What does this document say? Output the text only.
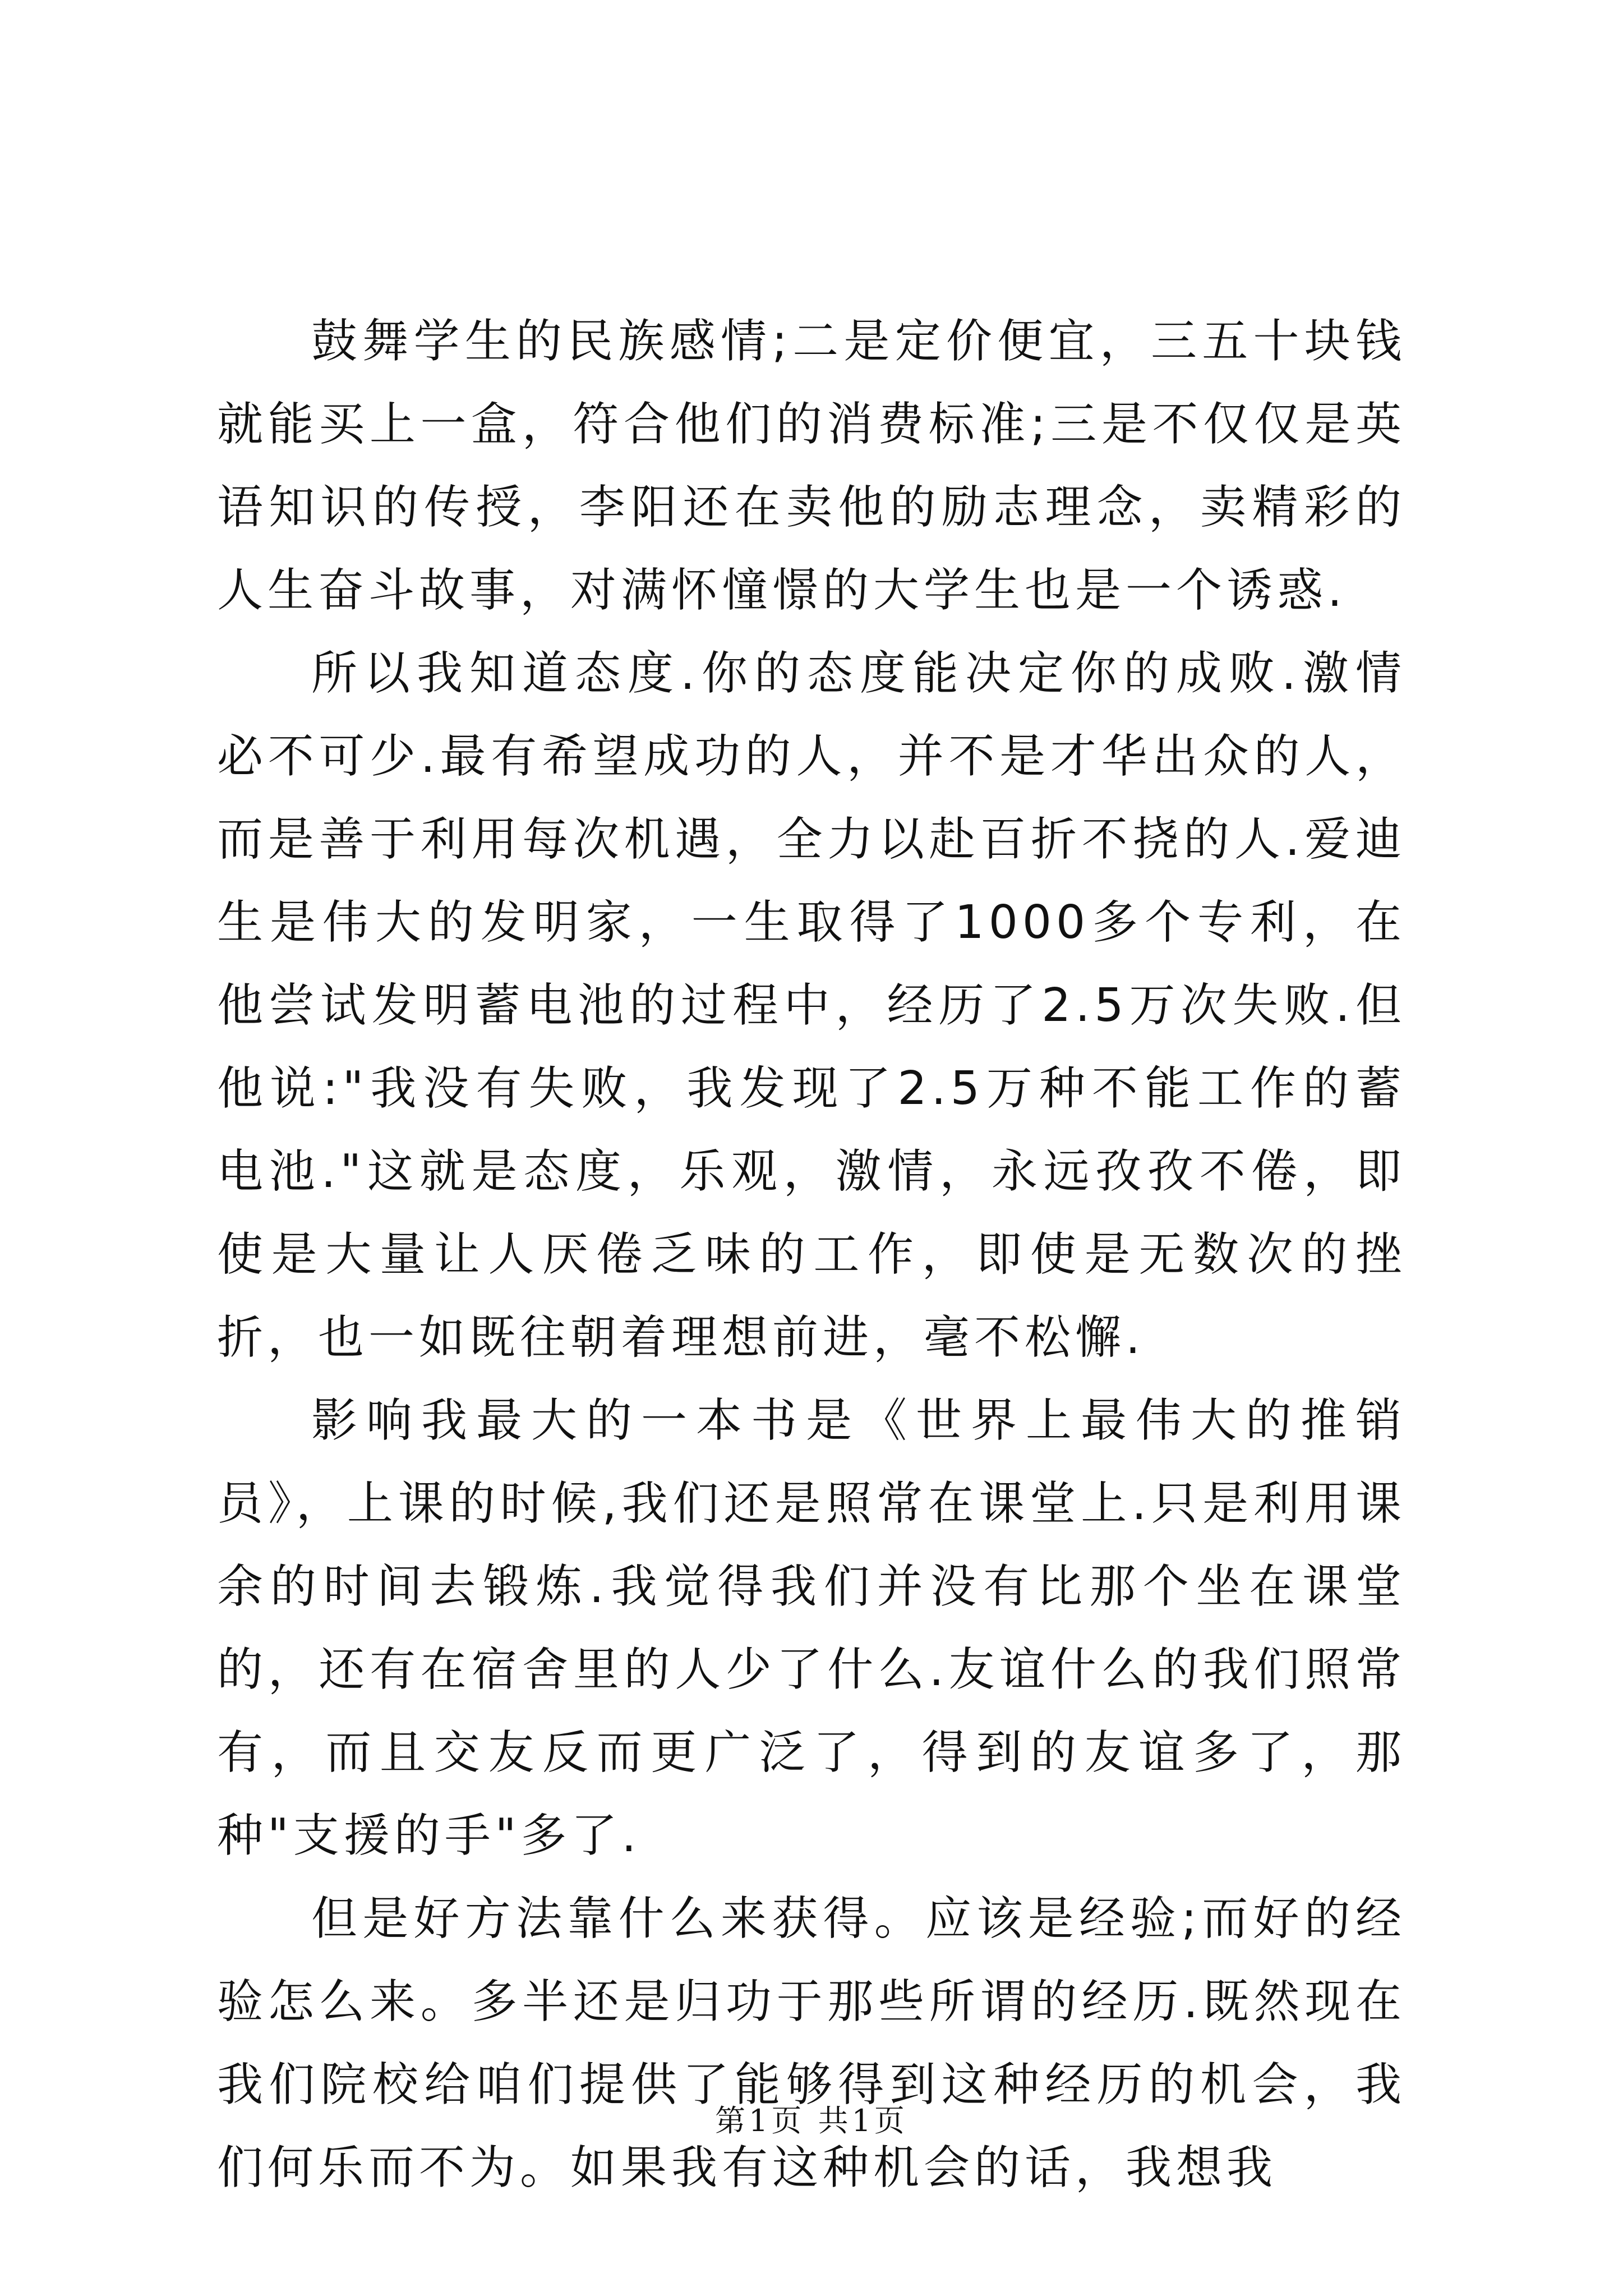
鼓舞学生的民族感情;二是定价便宜，三五十块钱就能买上一盒，符合他们的消费标准;三是不仅仅是英语知识的传授，李阳还在卖他的励志理念，卖精彩的人生奋斗故事，对满怀憧憬的大学生也是一个诱惑.

所以我知道态度.你的态度能决定你的成败.激情必不可少.最有希望成功的人，并不是才华出众的人，而是善于利用每次机遇，全力以赴百折不挠的人.爱迪生是伟大的发明家，一生取得了1000多个专利，在他尝试发明蓄电池的过程中，经历了2.5万次失败.但他说:"我没有失败，我发现了2.5万种不能工作的蓄电池."这就是态度，乐观，激情，永远孜孜不倦，即使是大量让人厌倦乏味的工作，即使是无数次的挫折，也一如既往朝着理想前进，毫不松懈.

影响我最大的一本书是《世界上最伟大的推销员》，上课的时候,我们还是照常在课堂上.只是利用课余的时间去锻炼.我觉得我们并没有比那个坐在课堂的，还有在宿舍里的人少了什么.友谊什么的我们照常有，而且交友反而更广泛了，得到的友谊多了，那种"支援的手"多了.

但是好方法靠什么来获得。应该是经验;而好的经验怎么来。多半还是归功于那些所谓的经历.既然现在我们院校给咱们提供了能够得到这种经历的机会，我们何乐而不为。如果我有这种机会的话，我想我

第1页 共1页
